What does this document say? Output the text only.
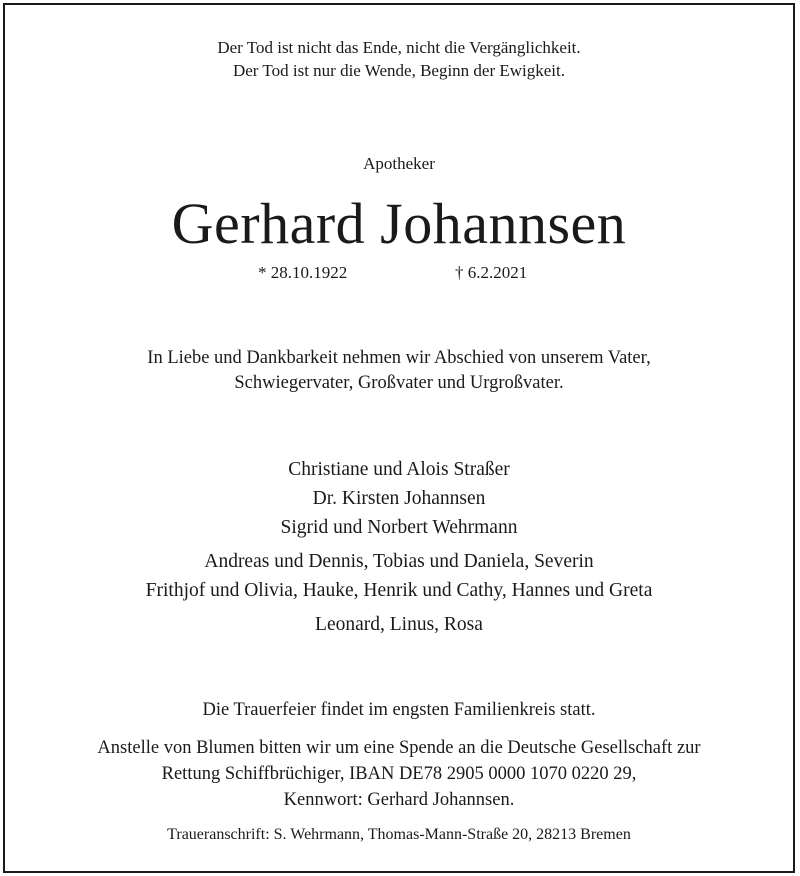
Der Tod ist nicht das Ende, nicht die Vergänglichkeit.
Der Tod ist nur die Wende, Beginn der Ewigkeit.
Apotheker
Gerhard Johannsen
* 28.10.1922	† 6.2.2021
In Liebe und Dankbarkeit nehmen wir Abschied von unserem Vater,
Schwiegervater, Großvater und Urgroßvater.
Christiane und Alois Straßer
Dr. Kirsten Johannsen
Sigrid und Norbert Wehrmann
Andreas und Dennis, Tobias und Daniela, Severin
Frithjof und Olivia, Hauke, Henrik und Cathy, Hannes und Greta
Leonard, Linus, Rosa
Die Trauerfeier findet im engsten Familienkreis statt.
Anstelle von Blumen bitten wir um eine Spende an die Deutsche Gesellschaft zur
Rettung Schiffbrüchiger, IBAN DE78 2905 0000 1070 0220 29,
Kennwort: Gerhard Johannsen.
Traueranschrift: S. Wehrmann, Thomas-Mann-Straße 20, 28213 Bremen
